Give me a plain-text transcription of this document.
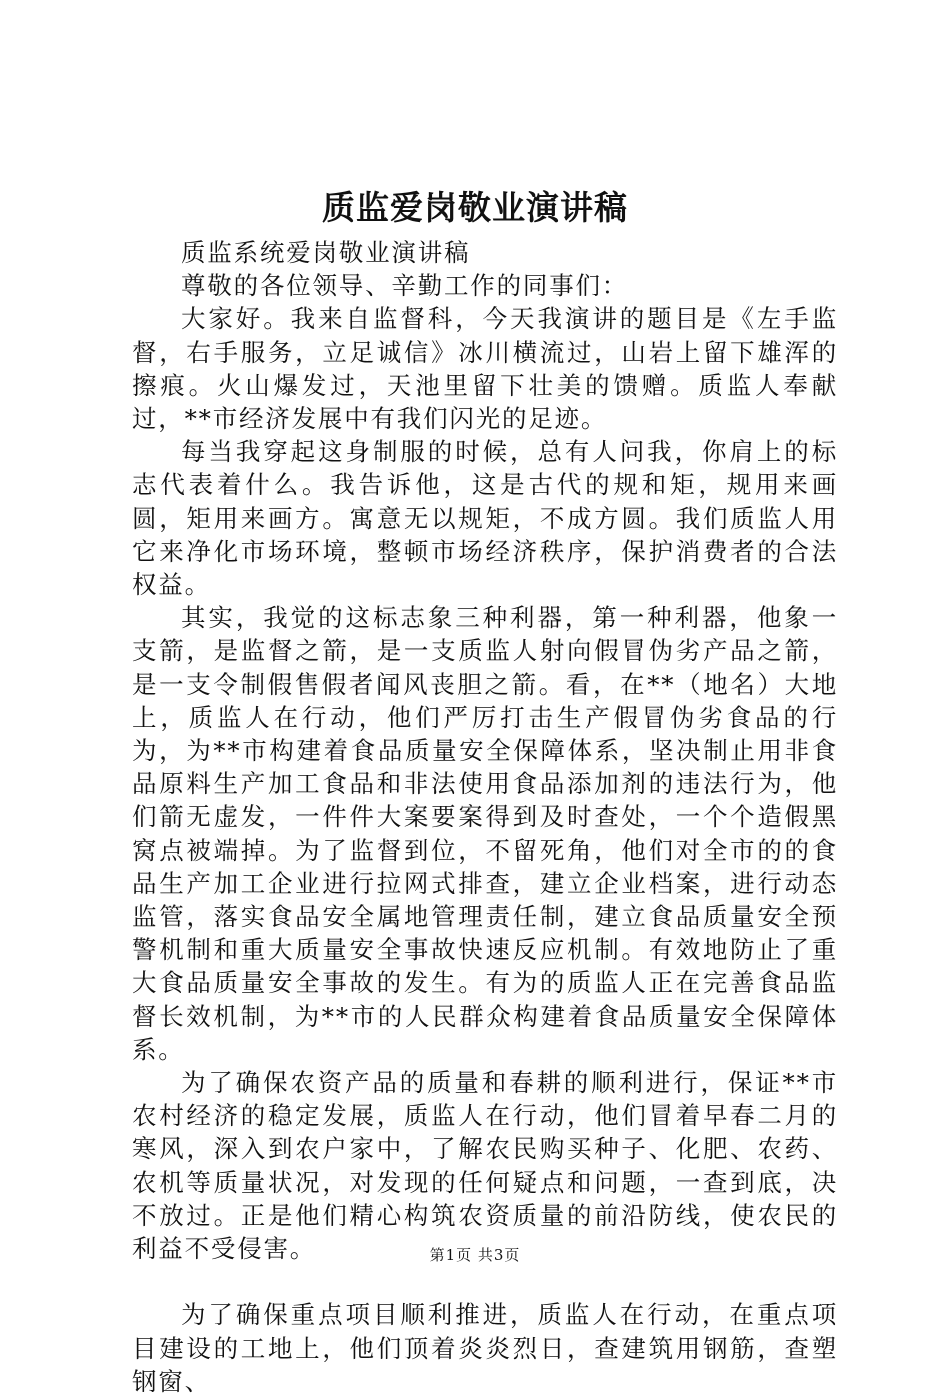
质监爱岗敬业演讲稿

质监系统爱岗敬业演讲稿

尊敬的各位领导、辛勤工作的同事们：

大家好。我来自监督科，今天我演讲的题目是《左手监督，右手服务，立足诚信》冰川横流过，山岩上留下雄浑的擦痕。火山爆发过，天池里留下壮美的馈赠。质监人奉献过，**市经济发展中有我们闪光的足迹。

每当我穿起这身制服的时候，总有人问我，你肩上的标志代表着什么。我告诉他，这是古代的规和矩，规用来画圆，矩用来画方。寓意无以规矩，不成方圆。我们质监人用它来净化市场环境，整顿市场经济秩序，保护消费者的合法权益。

其实，我觉的这标志象三种利器，第一种利器，他象一支箭，是监督之箭，是一支质监人射向假冒伪劣产品之箭，是一支令制假售假者闻风丧胆之箭。看，在**（地名）大地上，质监人在行动，他们严厉打击生产假冒伪劣食品的行为，为**市构建着食品质量安全保障体系，坚决制止用非食品原料生产加工食品和非法使用食品添加剂的违法行为，他们箭无虚发，一件件大案要案得到及时查处，一个个造假黑窝点被端掉。为了监督到位，不留死角，他们对全市的的食品生产加工企业进行拉网式排查，建立企业档案，进行动态监管，落实食品安全属地管理责任制，建立食品质量安全预警机制和重大质量安全事故快速反应机制。有效地防止了重大食品质量安全事故的发生。有为的质监人正在完善食品监督长效机制，为**市的人民群众构建着食品质量安全保障体系。

为了确保农资产品的质量和春耕的顺利进行，保证**市农村经济的稳定发展，质监人在行动，他们冒着早春二月的寒风，深入到农户家中，了解农民购买种子、化肥、农药、农机等质量状况，对发现的任何疑点和问题，一查到底，决不放过。正是他们精心构筑农资质量的前沿防线，使农民的利益不受侵害。

为了确保重点项目顺利推进，质监人在行动，在重点项目建设的工地上，他们顶着炎炎烈日，查建筑用钢筋，查塑钢窗、

第1页 共3页
